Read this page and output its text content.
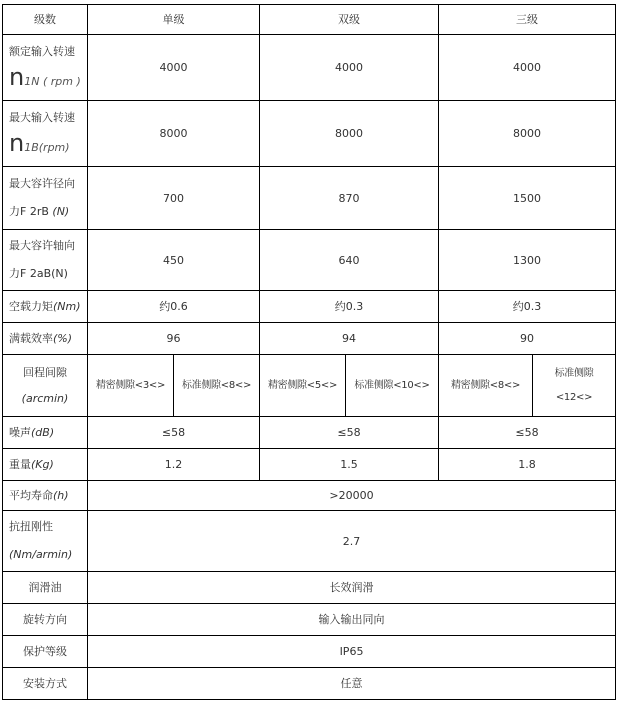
级数	单级		双级		三级	

额定输入转速
n1N ( rpm )	4000		4000		4000	

最大输入转速
n1B(rpm)	8000		8000		8000	

最大容许径向
力F 2rB (N)	700		870		1500	

最大容许轴向
力F 2aB(N)	450		640		1300	
空载力矩(Nm)	约0.6		约0.3		约0.3	
满载效率(%)	96		94		90	

回程间隙
(arcmin)	精密侧隙<3<>	标准侧隙<8<>	精密侧隙<5<>	标准侧隙<10<>	精密侧隙<8<>	标准侧隙
<12<>

噪声(dB)	≤58		≤58		≤58	
重量(Kg)	1.2		1.5		1.8	
平均寿命(h)	>20000					

抗扭刚性
(Nm/armin)	2.7					
润滑油	长效润滑					
旋转方向	输入输出同向					
保护等级	IP65					
安装方式	任意					
